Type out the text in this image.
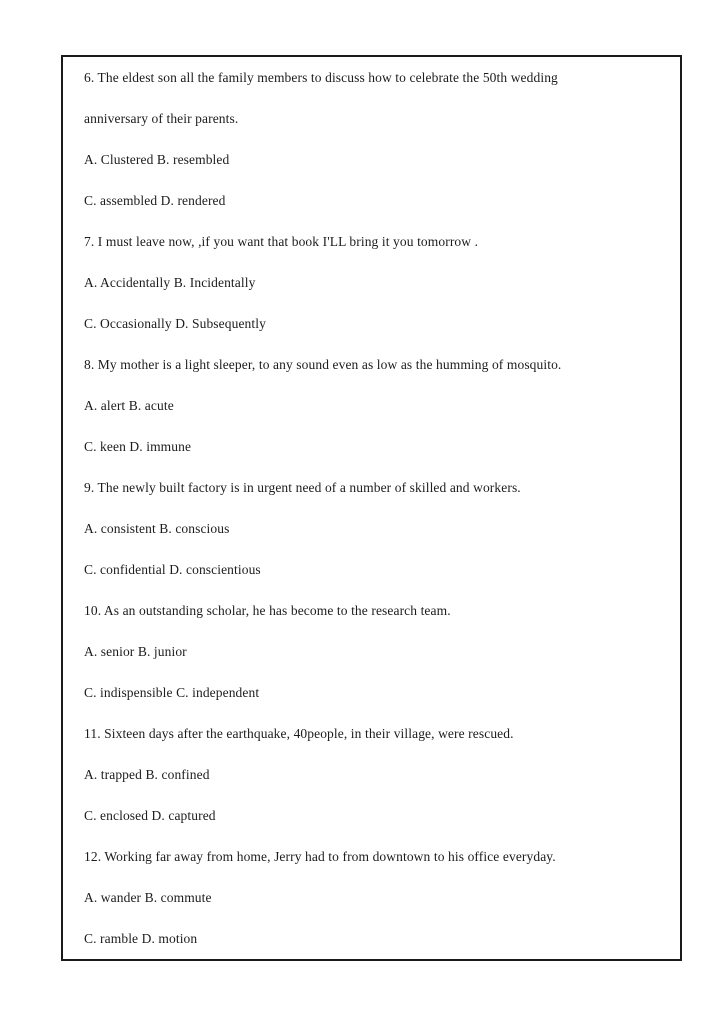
6. The eldest son all the family members to discuss how to celebrate the 50th wedding

anniversary of their parents.

A. Clustered B. resembled

C. assembled D. rendered

7. I must leave now, ,if you want that book I'LL bring it you tomorrow .

A. Accidentally B. Incidentally

C. Occasionally D. Subsequently

8. My mother is a light sleeper, to any sound even as low as the humming of mosquito.

A. alert B. acute

C. keen D. immune

9. The newly built factory is in urgent need of a number of skilled and workers.

A. consistent B. conscious

C. confidential D. conscientious

10. As an outstanding scholar, he has become to the research team.

A. senior B. junior

C. indispensible C. independent

11. Sixteen days after the earthquake, 40people, in their village, were rescued.

A. trapped B. confined

C. enclosed D. captured

12. Working far away from home, Jerry had to from downtown to his office everyday.

A. wander B. commute

C. ramble D. motion
